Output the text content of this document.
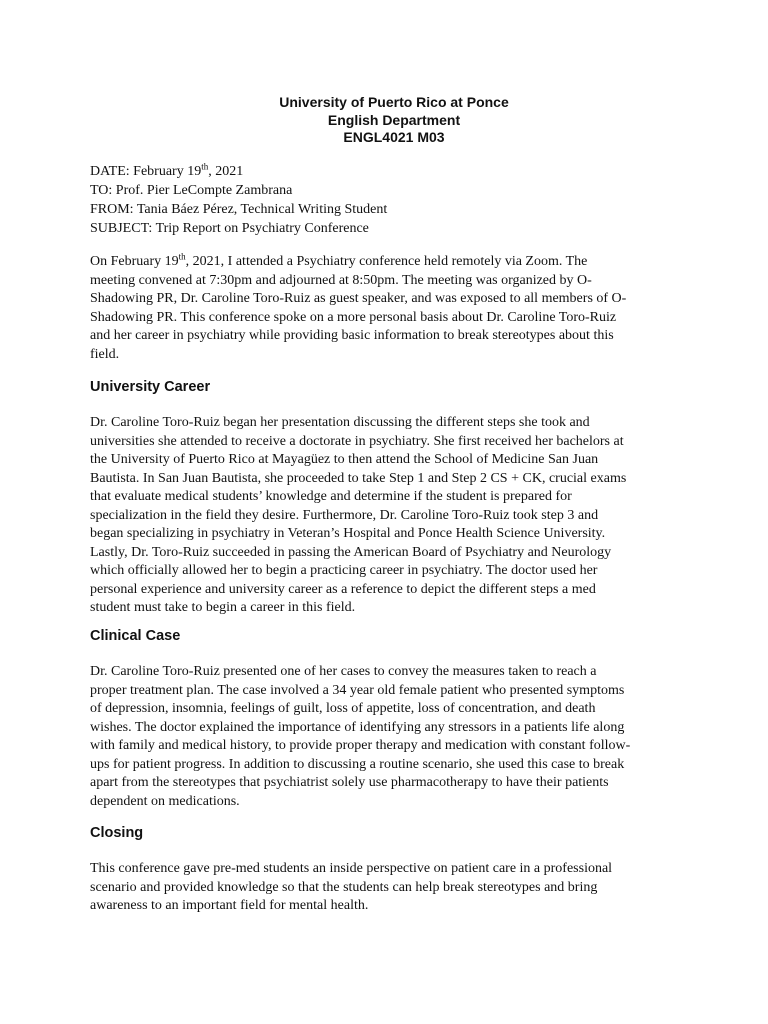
University of Puerto Rico at Ponce
English Department
ENGL4021 M03
DATE: February 19th, 2021
TO: Prof. Pier LeCompte Zambrana
FROM: Tania Báez Pérez, Technical Writing Student
SUBJECT: Trip Report on Psychiatry Conference
On February 19th, 2021, I attended a Psychiatry conference held remotely via Zoom. The
meeting convened at 7:30pm and adjourned at 8:50pm. The meeting was organized by O-
Shadowing PR, Dr. Caroline Toro-Ruiz as guest speaker, and was exposed to all members of O-
Shadowing PR. This conference spoke on a more personal basis about Dr. Caroline Toro-Ruiz
and her career in psychiatry while providing basic information to break stereotypes about this
field.
University Career
Dr. Caroline Toro-Ruiz began her presentation discussing the different steps she took and
universities she attended to receive a doctorate in psychiatry. She first received her bachelors at
the University of Puerto Rico at Mayagüez to then attend the School of Medicine San Juan
Bautista. In San Juan Bautista, she proceeded to take Step 1 and Step 2 CS + CK, crucial exams
that evaluate medical students’ knowledge and determine if the student is prepared for
specialization in the field they desire. Furthermore, Dr. Caroline Toro-Ruiz took step 3 and
began specializing in psychiatry in Veteran’s Hospital and Ponce Health Science University.
Lastly, Dr. Toro-Ruiz succeeded in passing the American Board of Psychiatry and Neurology
which officially allowed her to begin a practicing career in psychiatry. The doctor used her
personal experience and university career as a reference to depict the different steps a med
student must take to begin a career in this field.
Clinical Case
Dr. Caroline Toro-Ruiz presented one of her cases to convey the measures taken to reach a
proper treatment plan. The case involved a 34 year old female patient who presented symptoms
of depression, insomnia, feelings of guilt, loss of appetite, loss of concentration, and death
wishes. The doctor explained the importance of identifying any stressors in a patients life along
with family and medical history, to provide proper therapy and medication with constant follow-
ups for patient progress. In addition to discussing a routine scenario, she used this case to break
apart from the stereotypes that psychiatrist solely use pharmacotherapy to have their patients
dependent on medications.
Closing
This conference gave pre-med students an inside perspective on patient care in a professional
scenario and provided knowledge so that the students can help break stereotypes and bring
awareness to an important field for mental health.
